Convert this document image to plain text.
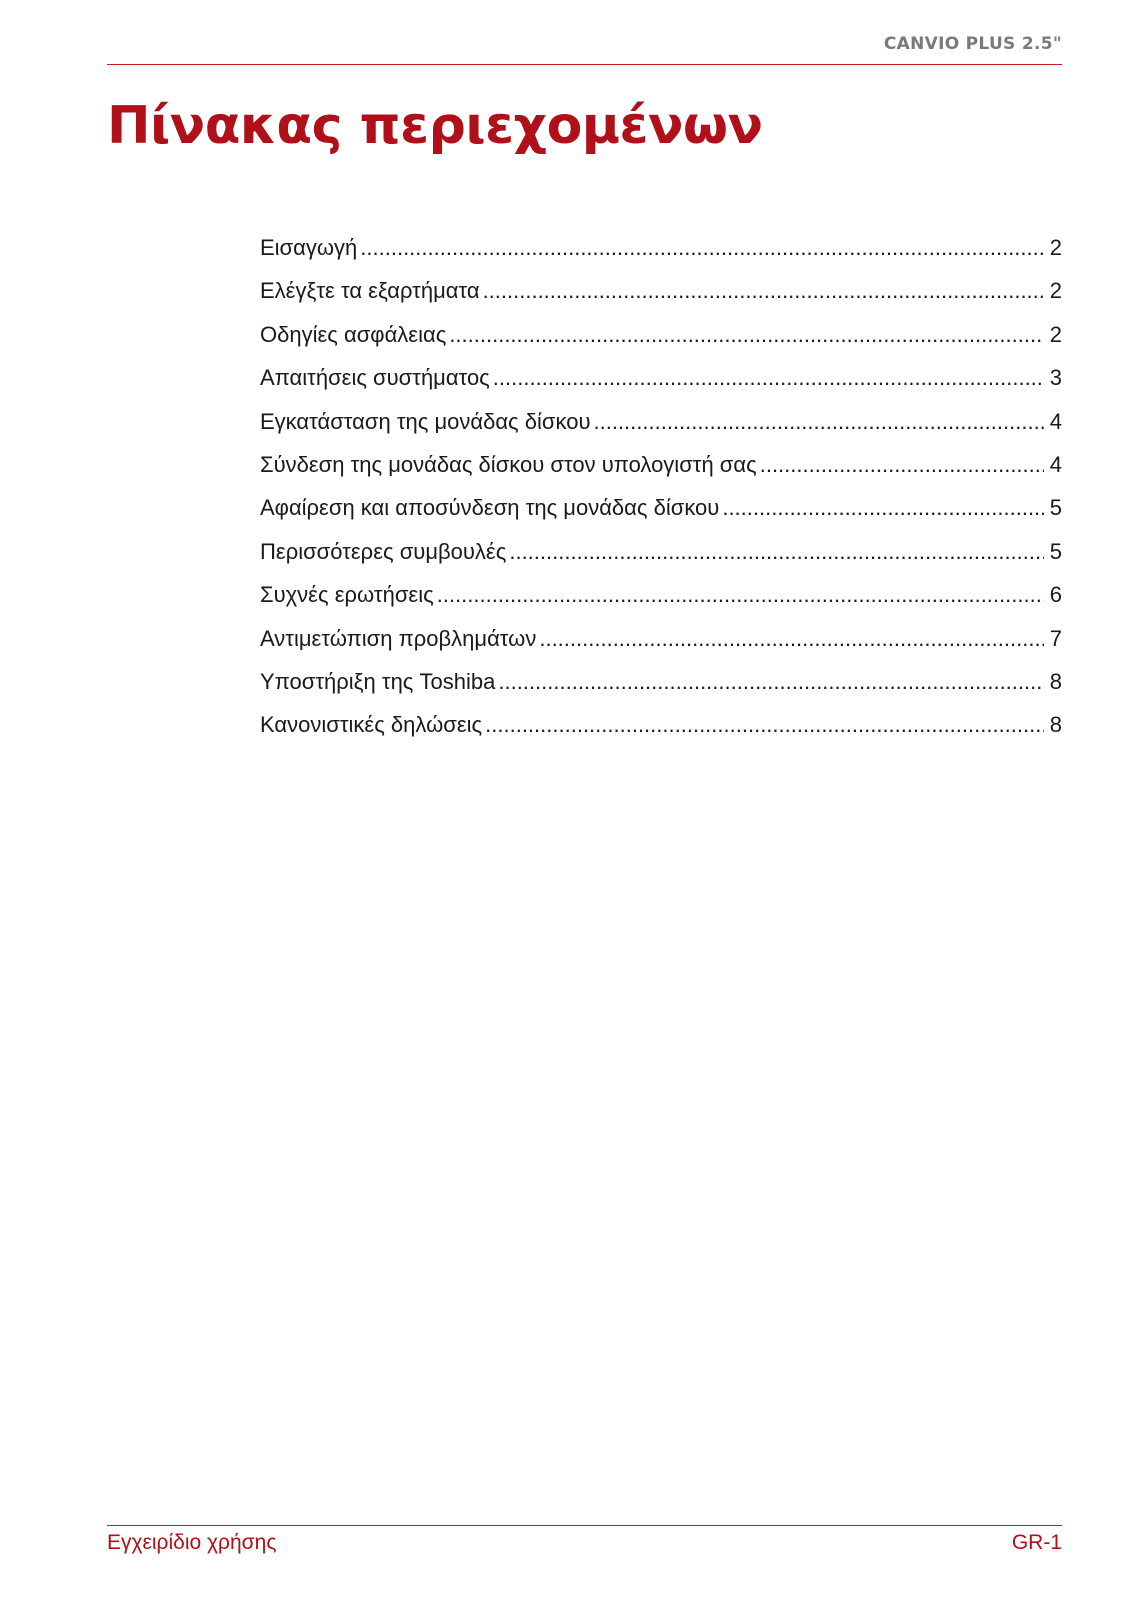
CANVIO PLUS 2.5"
Πίνακας περιεχομένων
Εισαγωγή .....	2
Ελέγξτε τα εξαρτήματα .....	2
Οδηγίες ασφάλειας .....	2
Απαιτήσεις συστήματος .....	3
Εγκατάσταση της μονάδας δίσκου .....	4
Σύνδεση της μονάδας δίσκου στον υπολογιστή σας .....	4
Αφαίρεση και αποσύνδεση της μονάδας δίσκου .....	5
Περισσότερες συμβουλές .....	5
Συχνές ερωτήσεις .....	6
Αντιμετώπιση προβλημάτων .....	7
Υποστήριξη της Toshiba .....	8
Κανονιστικές δηλώσεις .....	8
Εγχειρίδιο χρήσης	GR-1
